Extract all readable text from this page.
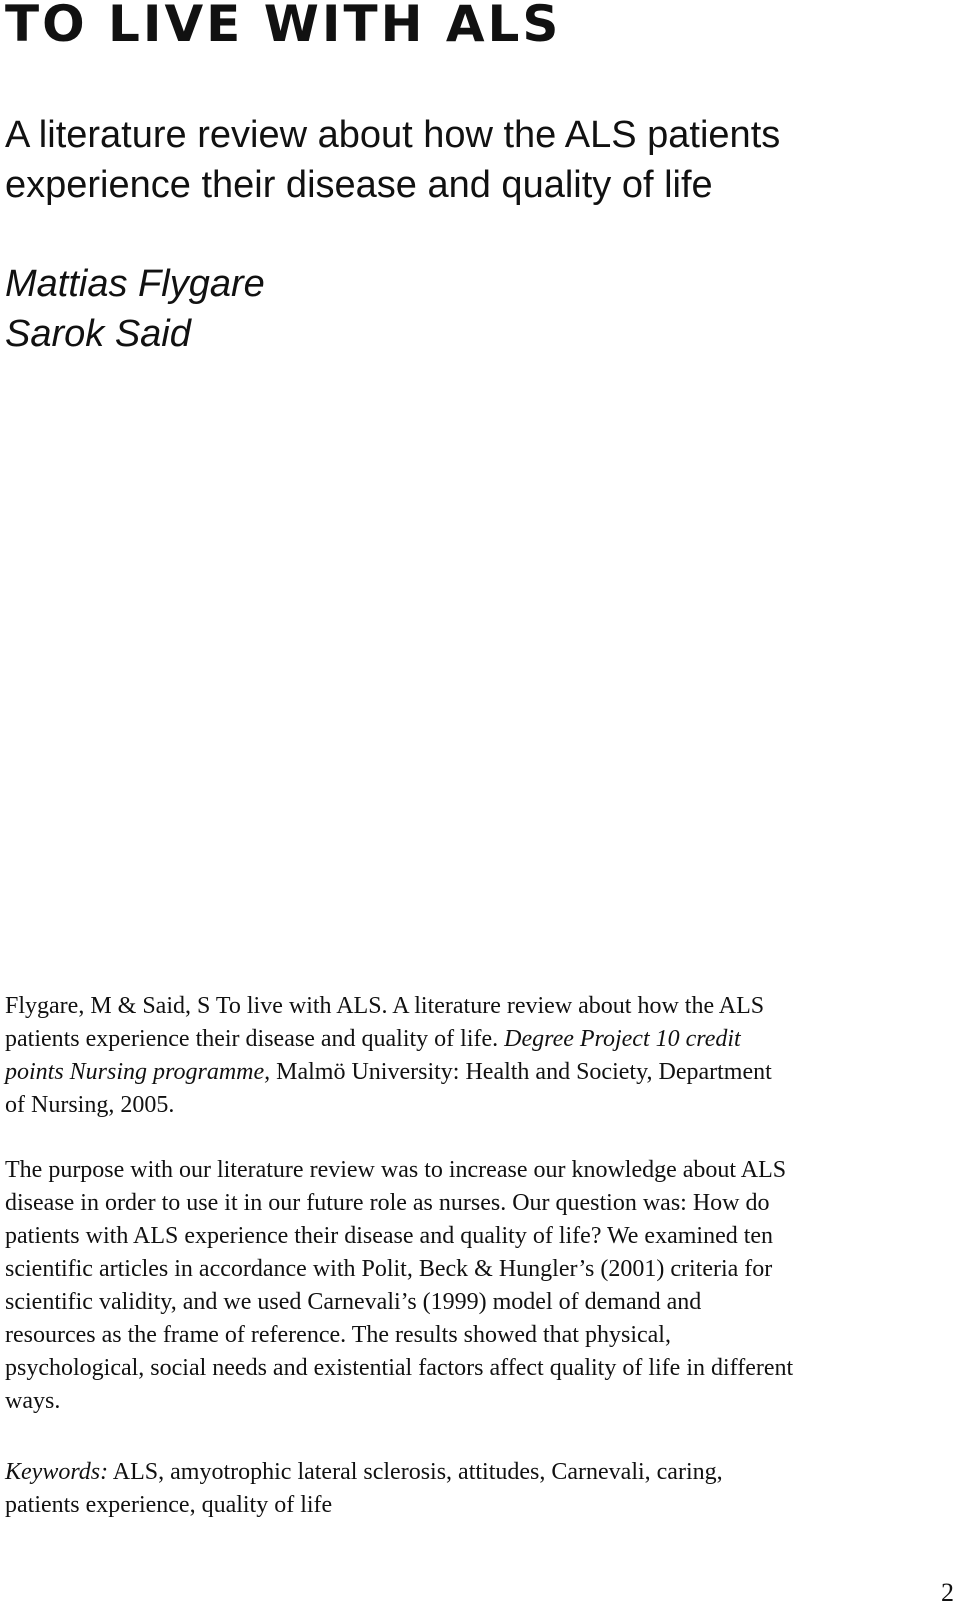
TO LIVE WITH ALS
A literature review about how the ALS patients
experience their disease and quality of life
Mattias Flygare
Sarok Said

Flygare, M & Said, S To live with ALS. A literature review about how the ALS
patients experience their disease and quality of life. Degree Project 10 credit
points Nursing programme, Malmö University: Health and Society, Department
of Nursing, 2005.

The purpose with our literature review was to increase our knowledge about ALS
disease in order to use it in our future role as nurses. Our question was: How do
patients with ALS experience their disease and quality of life? We examined ten
scientific articles in accordance with Polit, Beck & Hungler’s (2001) criteria for
scientific validity, and we used Carnevali’s (1999) model of demand and
resources as the frame of reference. The results showed that physical,
psychological, social needs and existential factors affect quality of life in different
ways.

Keywords: ALS, amyotrophic lateral sclerosis, attitudes, Carnevali, caring,
patients experience, quality of life

2
